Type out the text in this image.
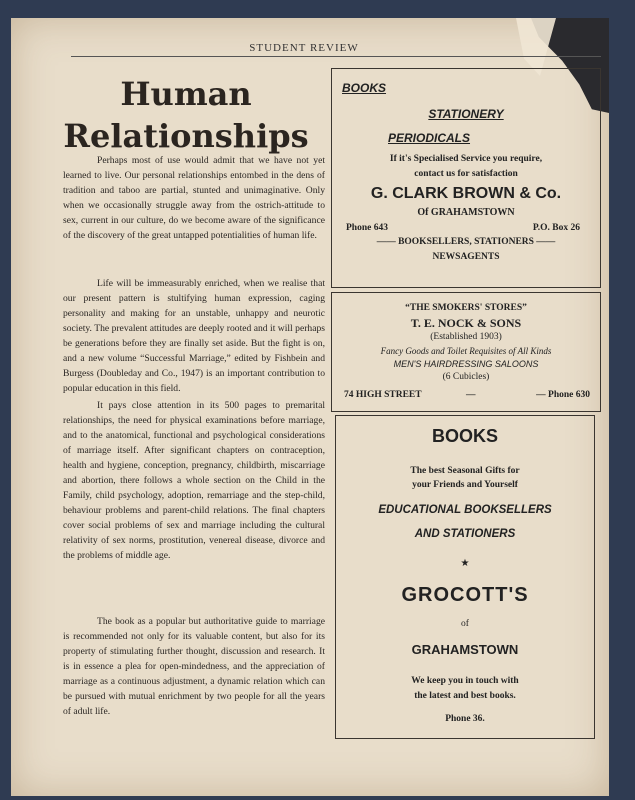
STUDENT REVIEW
Human
Relationships

Perhaps most of use would admit that we have not yet learned to live. Our personal relationships entombed in the dens of tradition and taboo are partial, stunted and unimaginative. Only when we occasionally struggle away from the ostrich-attitude to sex, current in our culture, do we become aware of the significance of the discovery of the great untapped potentialities of human life.

Life will be immeasurably enriched, when we realise that our present pattern is stultifying human expression, caging personality and making for an unstable, unhappy and neurotic society. The prevalent attitudes are deeply rooted and it will perhaps be generations before they are finally set aside. But the fight is on, and a new volume “Successful Marriage,” edited by Fishbein and Burgess (Doubleday and Co., 1947) is an important contribution to popular education in this field.

It pays close attention in its 500 pages to premarital relationships, the need for physical examinations before marriage, and to the anatomical, functional and psychological considerations of marriage itself. After significant chapters on contraception, health and hygiene, conception, pregnancy, childbirth, miscarriage and abortion, there follows a whole section on the Child in the Family, child psychology, adoption, remarriage and the step-child, behaviour problems and parent-child relations. The final chapters cover social problems of sex and marriage including the cultural relativity of sex norms, prostitution, venereal disease, divorce and the problems of middle age.

The book as a popular but authoritative guide to marriage is recommended not only for its valuable content, but also for its property of stimulating further thought, discussion and research. It is in essence a plea for open-mindedness, and the appreciation of marriage as a continuous adjustment, a dynamic relation which can be pursued with mutual enrichment by two people for all the years of adult life.

BOOKS
STATIONERY
PERIODICALS
If it's Specialised Service you require,
contact us for satisfaction
G. CLARK BROWN & Co.
Of GRAHAMSTOWN
Phone 643	P.O. Box 26
—— BOOKSELLERS, STATIONERS ——
NEWSAGENTS
“THE SMOKERS' STORES”
T. E. NOCK & SONS
(Established 1903)
Fancy Goods and Toilet Requisites of All Kinds
MEN'S HAIRDRESSING SALOONS
(6 Cubicles)
74 HIGH STREET	—	— Phone 630
BOOKS
The best Seasonal Gifts for
your Friends and Yourself
EDUCATIONAL BOOKSELLERS
AND STATIONERS
★
GROCOTT'S
of
GRAHAMSTOWN
We keep you in touch with
the latest and best books.
Phone 36.
